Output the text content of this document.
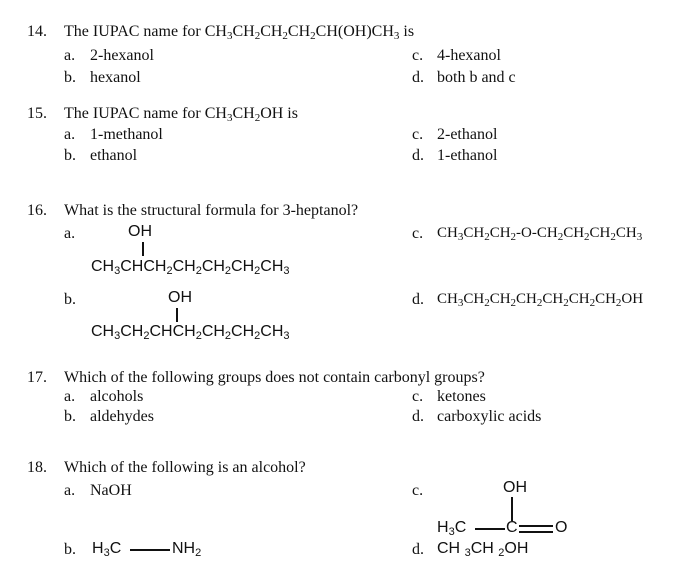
14.	The IUPAC name for $CH_3CH_2CH_2CH_2CH(OH)CH_3$ is
a. 2-hexanol
b. hexanol
c. 4-hexanol
d. both b and c
15.	The IUPAC name for $CH_3CH_2OH$ is
a. 1-methanol
b. ethanol
c. 2-ethanol
d. 1-ethanol
16.	What is the structural formula for 3-heptanol?
a.	OH
$CH_3CHCH_2CH_2CH_2CH_2CH_3$
b.	OH
$CH_3CH_2CHCH_2CH_2CH_2CH_3$
c. $CH_3CH_2CH_2-O-CH_2CH_2CH_2CH_3$
d. $CH_3CH_2CH_2CH_2CH_2CH_2CH_2OH$
17.	Which of the following groups does not contain carbonyl groups?
a. alcohols
b. aldehydes
c. ketones
d. carboxylic acids
18.	Which of the following is an alcohol?
a. NaOH
b. $H_3C$	$NH_2$
c.	OH
$H_3C$ C O
d. CH $_3$CH $_2$OH
